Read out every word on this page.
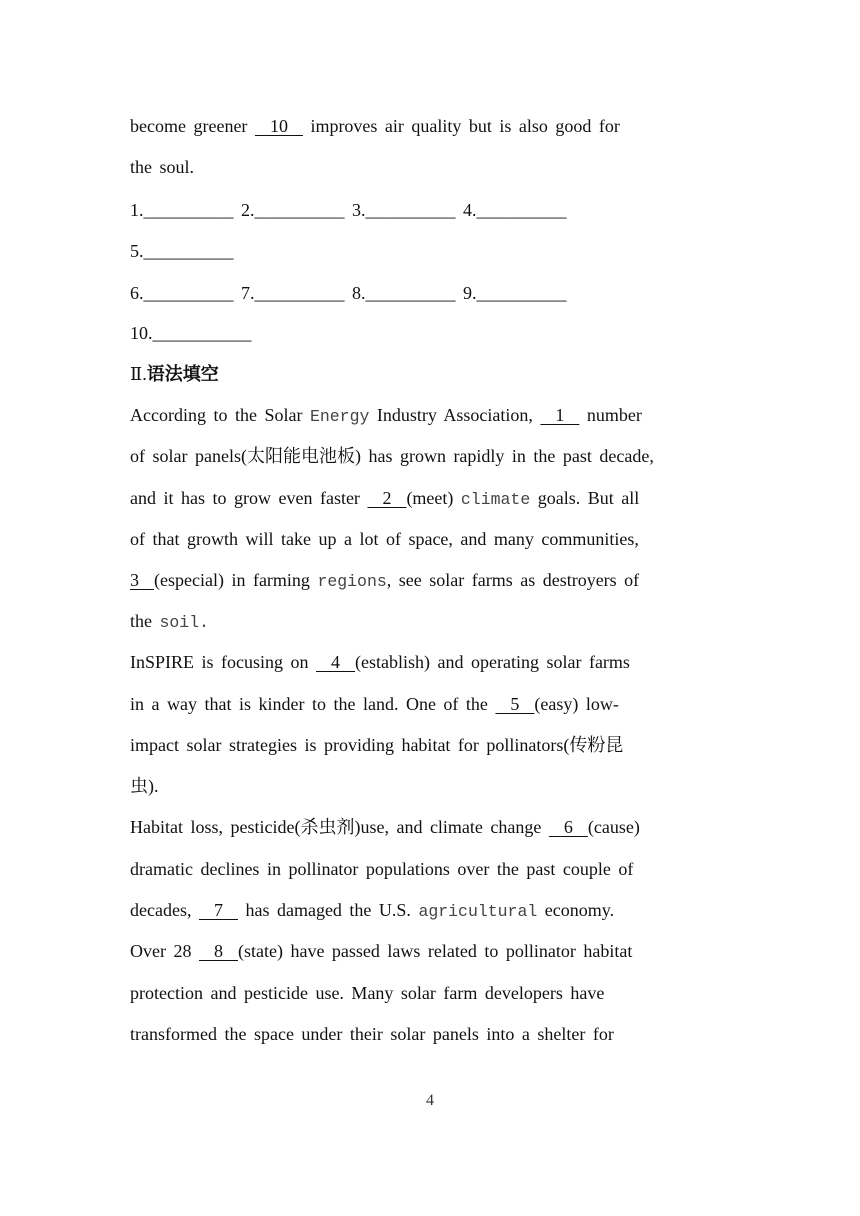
become greener   10   improves air quality but is also good for
the soul.
1.__________ 2.__________ 3.__________ 4.__________
5.__________
6.__________ 7.__________ 8.__________ 9.__________
10.___________
Ⅱ.语法填空
According to the Solar Energy Industry Association,   1   number
of solar panels(太阳能电池板) has grown rapidly in the past decade,
and it has to grow even faster   2  (meet) climate goals. But all
of that growth will take up a lot of space, and many communities,
3  (especial) in farming regions, see solar farms as destroyers of
the soil.
InSPIRE is focusing on   4  (establish) and operating solar farms
in a way that is kinder to the land. One of the   5  (easy) low-
impact solar strategies is providing habitat for pollinators(传粉昆
虫).
Habitat loss, pesticide(杀虫剂)use, and climate change   6  (cause)
dramatic declines in pollinator populations over the past couple of
decades,   7   has damaged the U.S. agricultural economy.
Over 28   8  (state) have passed laws related to pollinator habitat
protection and pesticide use. Many solar farm developers have
transformed the space under their solar panels into a shelter for
4
